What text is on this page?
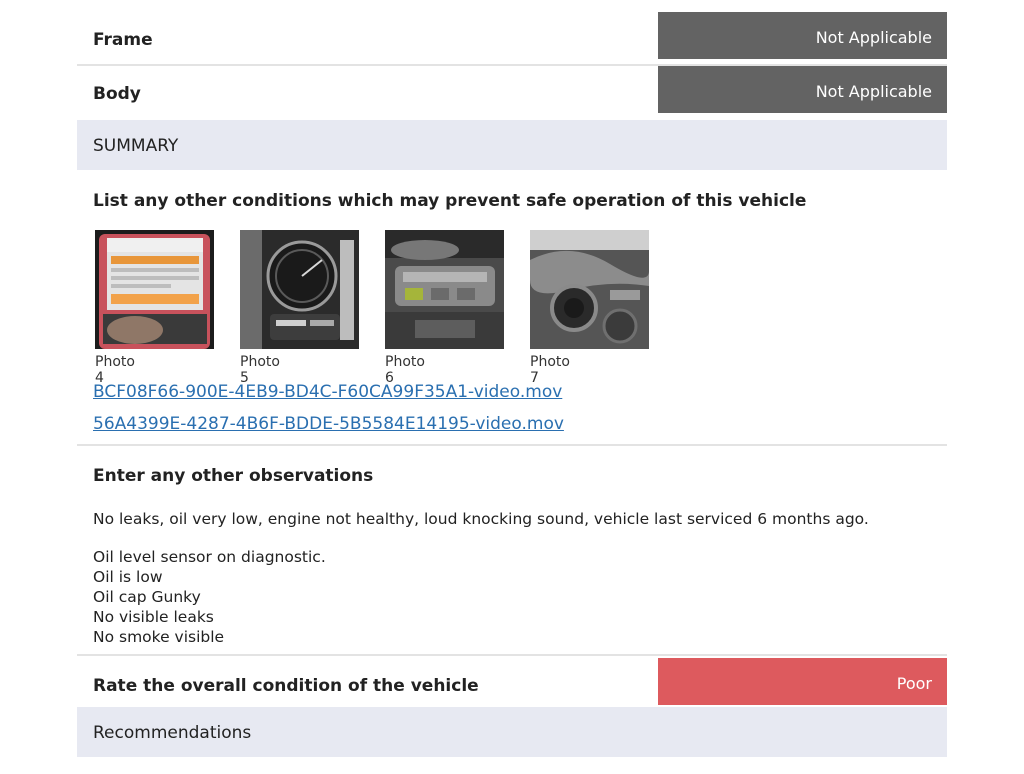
Frame	Not Applicable
Body	Not Applicable
SUMMARY
List any other conditions which may prevent safe operation of this vehicle
Photo 4
Photo 5
Photo 6
Photo 7
BCF08F66-900E-4EB9-BD4C-F60CA99F35A1-video.mov
56A4399E-4287-4B6F-BDDE-5B5584E14195-video.mov
Enter any other observations
No leaks, oil very low, engine not healthy, loud knocking sound, vehicle last serviced 6 months ago.
Oil level sensor on diagnostic.
Oil is low
Oil cap Gunky
No visible leaks
No smoke visible
Rate the overall condition of the vehicle	Poor
Recommendations
